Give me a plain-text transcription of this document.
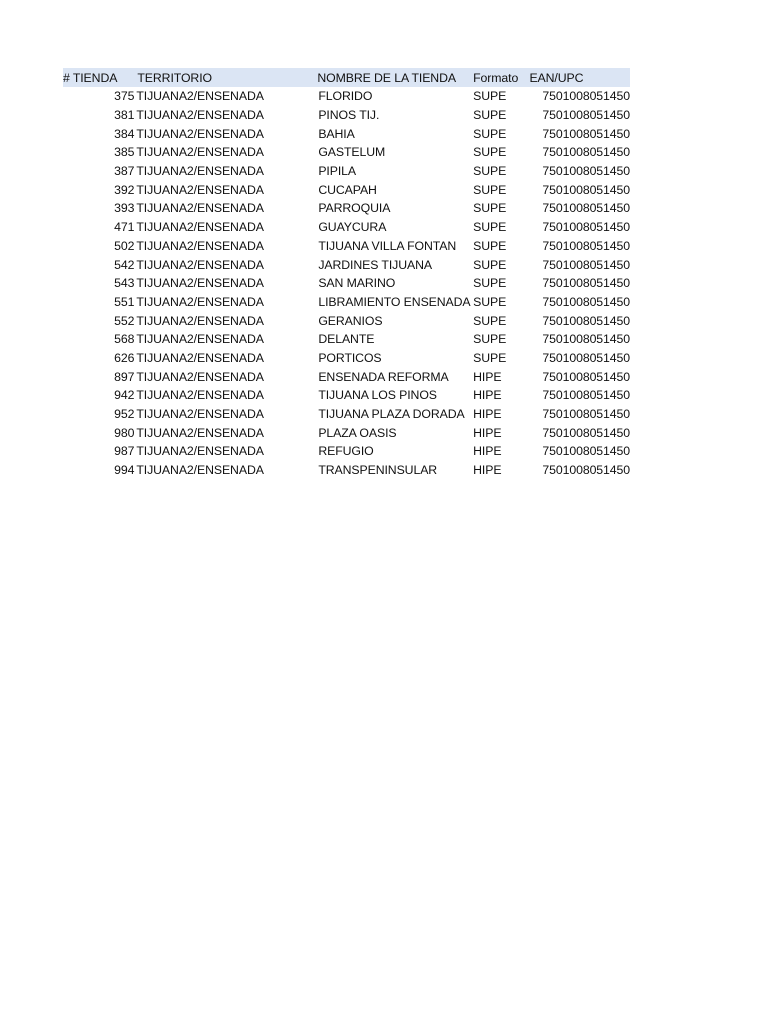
# TIENDA	TERRITORIO	NOMBRE DE LA TIENDA	Formato	EAN/UPC
375	TIJUANA2/ENSENADA	FLORIDO	SUPE	7501008051450
381	TIJUANA2/ENSENADA	PINOS TIJ.	SUPE	7501008051450
384	TIJUANA2/ENSENADA	BAHIA	SUPE	7501008051450
385	TIJUANA2/ENSENADA	GASTELUM	SUPE	7501008051450
387	TIJUANA2/ENSENADA	PIPILA	SUPE	7501008051450
392	TIJUANA2/ENSENADA	CUCAPAH	SUPE	7501008051450
393	TIJUANA2/ENSENADA	PARROQUIA	SUPE	7501008051450
471	TIJUANA2/ENSENADA	GUAYCURA	SUPE	7501008051450
502	TIJUANA2/ENSENADA	TIJUANA VILLA FONTAN	SUPE	7501008051450
542	TIJUANA2/ENSENADA	JARDINES TIJUANA	SUPE	7501008051450
543	TIJUANA2/ENSENADA	SAN MARINO	SUPE	7501008051450
551	TIJUANA2/ENSENADA	LIBRAMIENTO ENSENADA	SUPE	7501008051450
552	TIJUANA2/ENSENADA	GERANIOS	SUPE	7501008051450
568	TIJUANA2/ENSENADA	DELANTE	SUPE	7501008051450
626	TIJUANA2/ENSENADA	PORTICOS	SUPE	7501008051450
897	TIJUANA2/ENSENADA	ENSENADA REFORMA	HIPE	7501008051450
942	TIJUANA2/ENSENADA	TIJUANA LOS PINOS	HIPE	7501008051450
952	TIJUANA2/ENSENADA	TIJUANA PLAZA DORADA	HIPE	7501008051450
980	TIJUANA2/ENSENADA	PLAZA OASIS	HIPE	7501008051450
987	TIJUANA2/ENSENADA	REFUGIO	HIPE	7501008051450
994	TIJUANA2/ENSENADA	TRANSPENINSULAR	HIPE	7501008051450
